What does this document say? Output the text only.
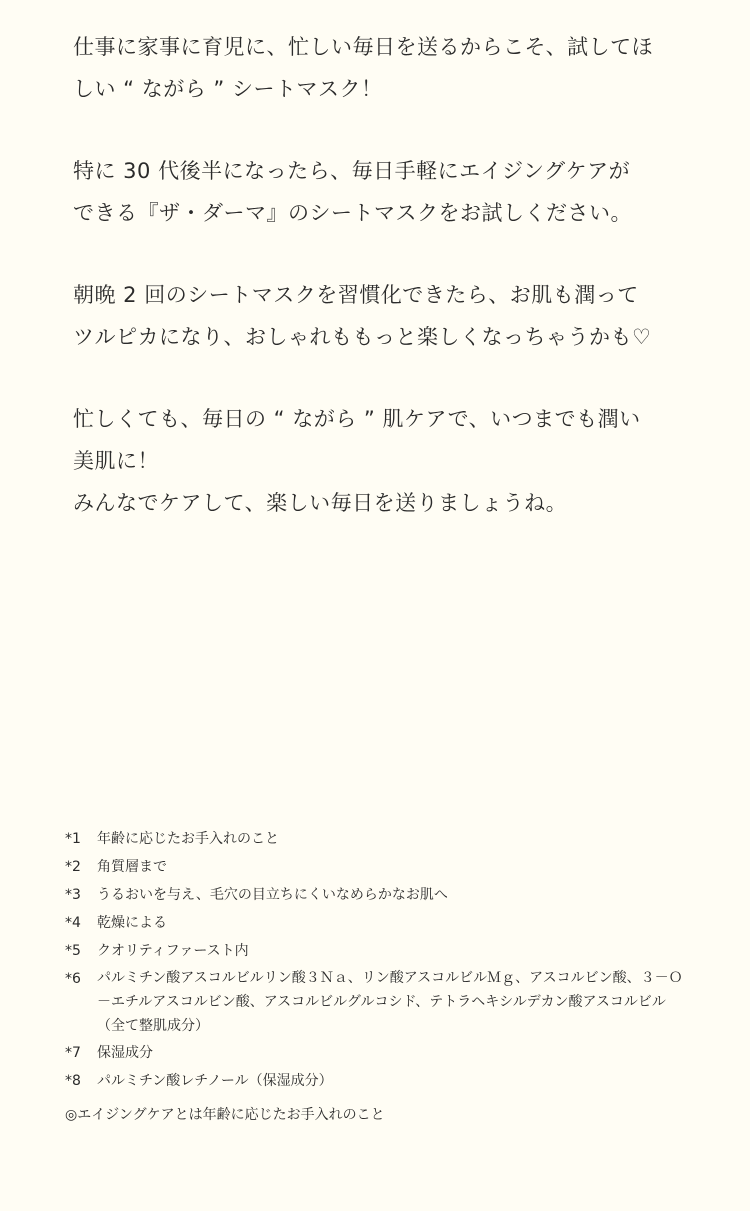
仕事に家事に育児に、忙しい毎日を送るからこそ、試してほ
しい “ ながら ” シートマスク！
特に 30 代後半になったら、毎日手軽にエイジングケアが
できる『ザ・ダーマ』のシートマスクをお試しください。
朝晩 2 回のシートマスクを習慣化できたら、お肌も潤って
ツルピカになり、おしゃれももっと楽しくなっちゃうかも♡
忙しくても、毎日の “ ながら ” 肌ケアで、いつまでも潤い
美肌に！
みんなでケアして、楽しい毎日を送りましょうね。
*1	年齢に応じたお手入れのこと
*2	角質層まで
*3	うるおいを与え、毛穴の目立ちにくいなめらかなお肌へ
*4	乾燥による
*5	クオリティファースト内
*6	パルミチン酸アスコルビルリン酸３Ｎａ、リン酸アスコルビルＭｇ、アスコルビン酸、３－Ｏ－エチルアスコルビン酸、アスコルビルグルコシド、テトラヘキシルデカン酸アスコルビル（全て整肌成分）
*7	保湿成分
*8	パルミチン酸レチノール（保湿成分）
◎エイジングケアとは年齢に応じたお手入れのこと
